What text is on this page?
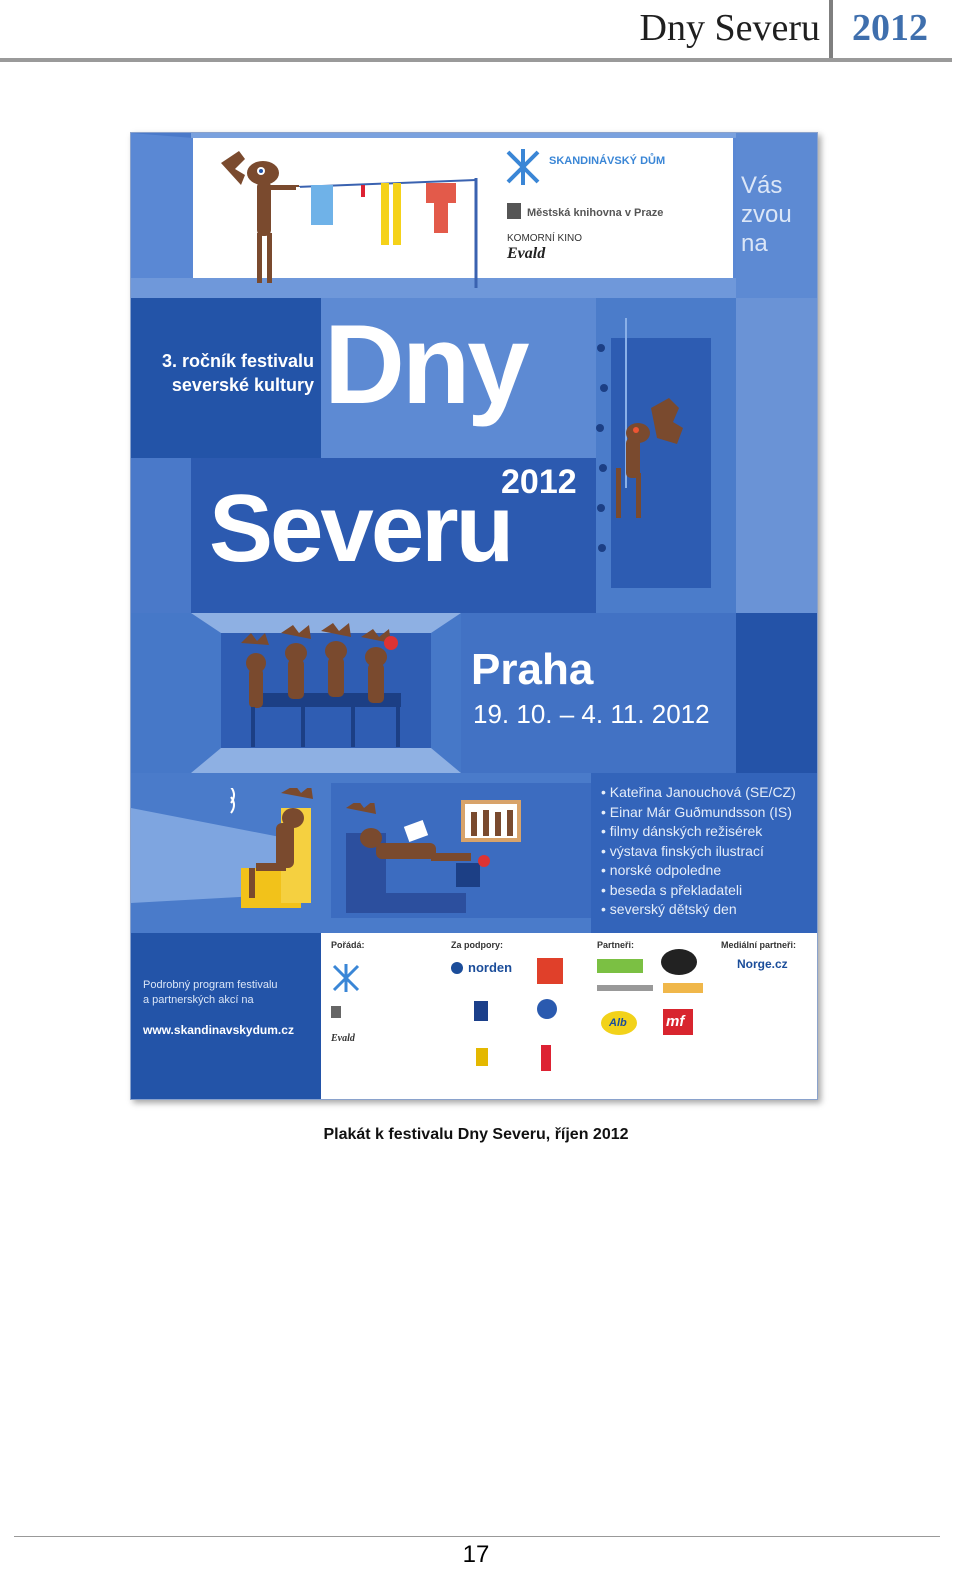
Dny Severu 2012
SKANDINÁVSKÝ DŮM
Městská knihovna v Praze
KOMORNÍ KINO
Evald
Vás
zvou
na
3. ročník festivalu
severské kultury Dny
2012
Severu
Praha
19. 10. – 4. 11. 2012
• Kateřina Janouchová (SE/CZ)
• Einar Már Guðmundsson (IS)
• filmy dánských režisérek
• výstava finských ilustrací
• norské odpoledne
• beseda s překladateli
• severský dětský den
Podrobný program festivalu
a partnerských akcí na
www.skandinavskydum.cz
Pořádá:	Za podpory:	Partneři:	Mediální partneři:
Evald
norden
Alb	mf
Norge.cz
Plakát k festivalu Dny Severu, říjen 2012
17
